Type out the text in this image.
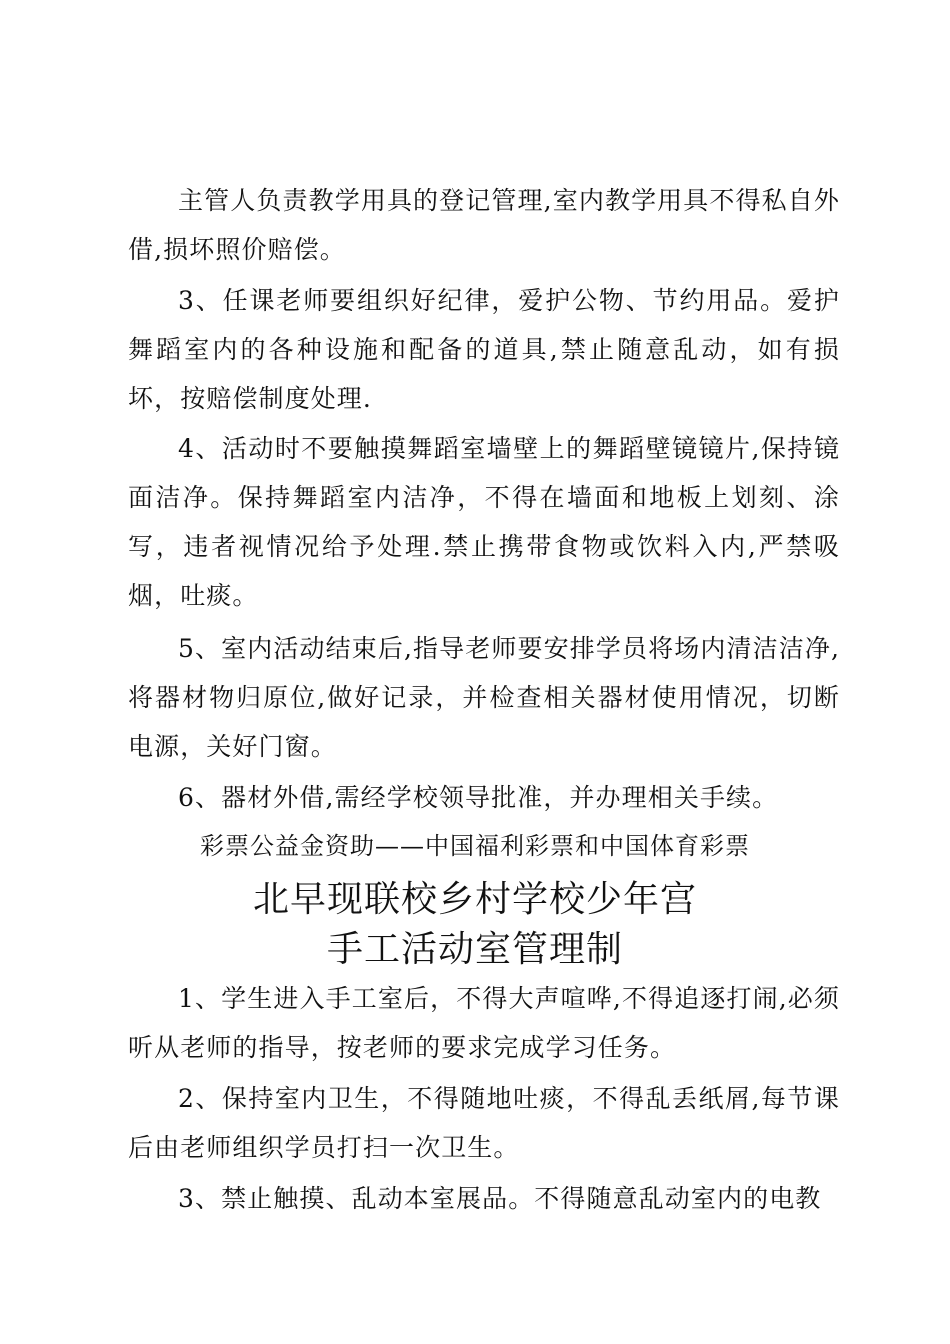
主管人负责教学用具的登记管理,室内教学用具不得私自外借,损坏照价赔偿。

3、任课老师要组织好纪律，爱护公物、节约用品。爱护舞蹈室内的各种设施和配备的道具,禁止随意乱动，如有损坏，按赔偿制度处理.

4、活动时不要触摸舞蹈室墙壁上的舞蹈壁镜镜片,保持镜面洁净。保持舞蹈室内洁净，不得在墙面和地板上划刻、涂写，违者视情况给予处理.禁止携带食物或饮料入内,严禁吸烟，吐痰。

5、室内活动结束后,指导老师要安排学员将场内清洁洁净,将器材物归原位,做好记录，并检查相关器材使用情况，切断电源，关好门窗。

6、器材外借,需经学校领导批准，并办理相关手续。

彩票公益金资助——中国福利彩票和中国体育彩票

北早现联校乡村学校少年宫
手工活动室管理制

1、学生进入手工室后，不得大声喧哗,不得追逐打闹,必须听从老师的指导，按老师的要求完成学习任务。

2、保持室内卫生，不得随地吐痰，不得乱丢纸屑,每节课后由老师组织学员打扫一次卫生。

3、禁止触摸、乱动本室展品。不得随意乱动室内的电教
